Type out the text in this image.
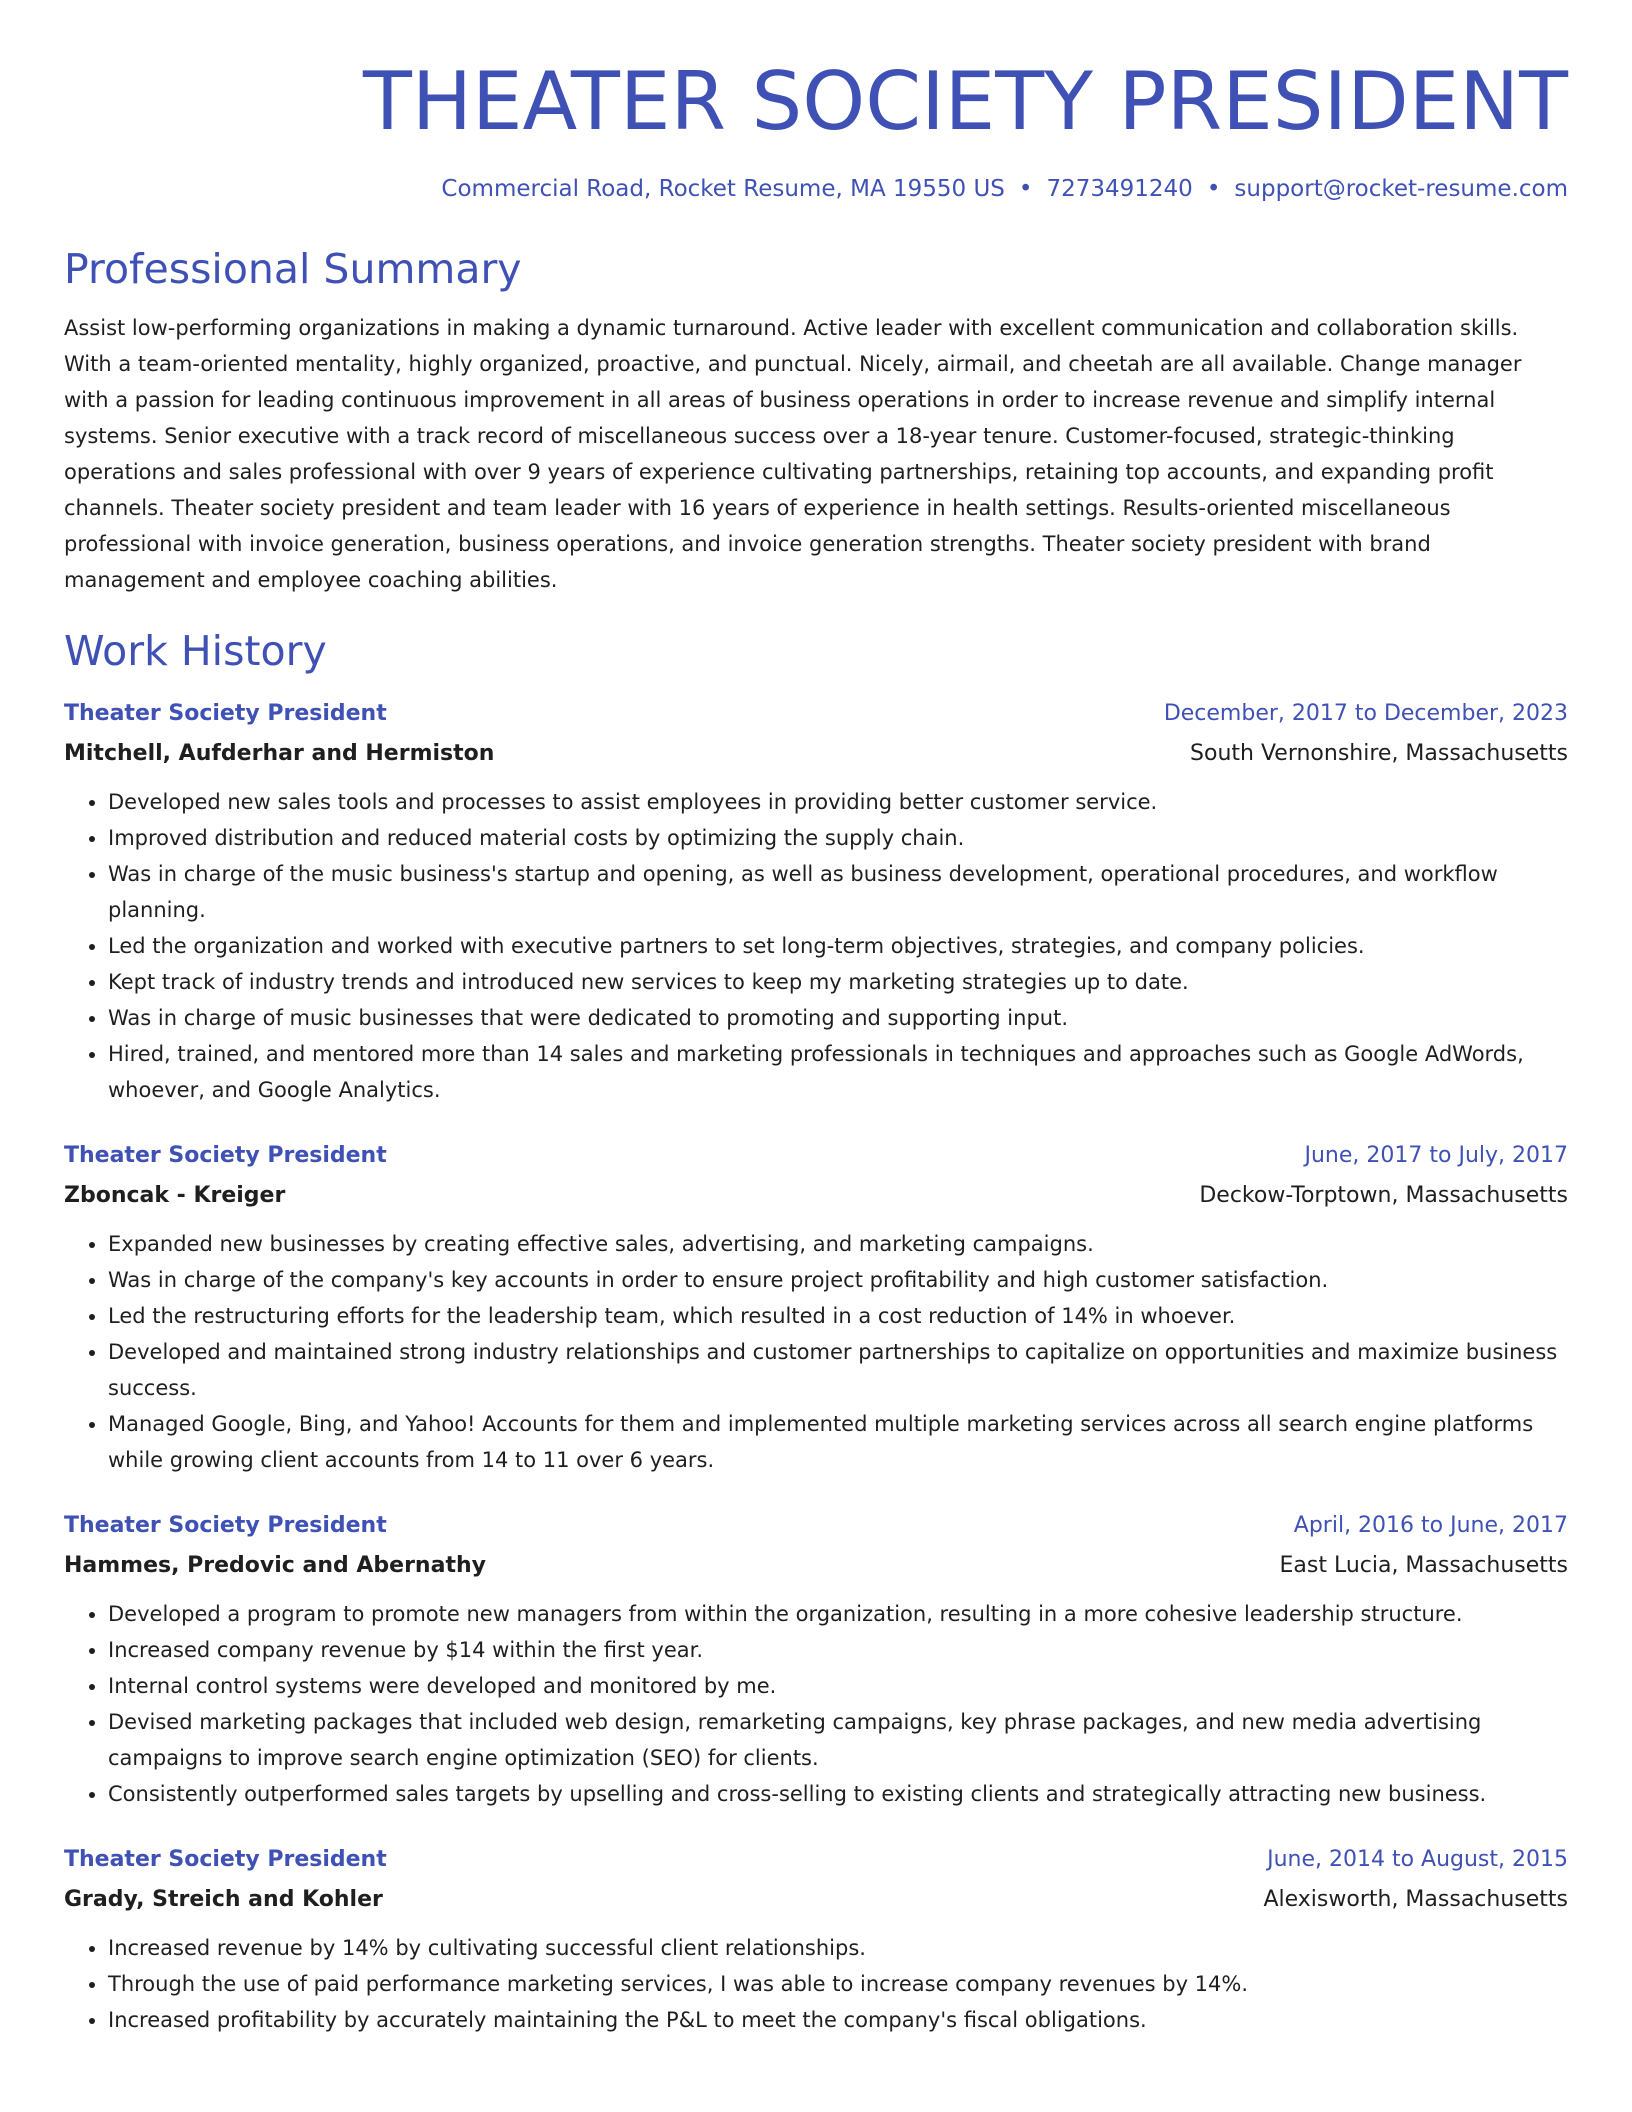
THEATER SOCIETY PRESIDENT
Commercial Road, Rocket Resume, MA 19550 US • 7273491240 • support@rocket-resume.com
Professional Summary
Assist low-performing organizations in making a dynamic turnaround. Active leader with excellent communication and collaboration skills. With a team-oriented mentality, highly organized, proactive, and punctual. Nicely, airmail, and cheetah are all available. Change manager with a passion for leading continuous improvement in all areas of business operations in order to increase revenue and simplify internal systems. Senior executive with a track record of miscellaneous success over a 18-year tenure. Customer-focused, strategic-thinking operations and sales professional with over 9 years of experience cultivating partnerships, retaining top accounts, and expanding profit channels. Theater society president and team leader with 16 years of experience in health settings. Results-oriented miscellaneous professional with invoice generation, business operations, and invoice generation strengths. Theater society president with brand management and employee coaching abilities.
Work History
Theater Society President	December, 2017 to December, 2023
Mitchell, Aufderhar and Hermiston	South Vernonshire, Massachusetts
• Developed new sales tools and processes to assist employees in providing better customer service.
• Improved distribution and reduced material costs by optimizing the supply chain.
• Was in charge of the music business's startup and opening, as well as business development, operational procedures, and workflow planning.
• Led the organization and worked with executive partners to set long-term objectives, strategies, and company policies.
• Kept track of industry trends and introduced new services to keep my marketing strategies up to date.
• Was in charge of music businesses that were dedicated to promoting and supporting input.
• Hired, trained, and mentored more than 14 sales and marketing professionals in techniques and approaches such as Google AdWords, whoever, and Google Analytics.
Theater Society President	June, 2017 to July, 2017
Zboncak - Kreiger	Deckow-Torptown, Massachusetts
• Expanded new businesses by creating effective sales, advertising, and marketing campaigns.
• Was in charge of the company's key accounts in order to ensure project profitability and high customer satisfaction.
• Led the restructuring efforts for the leadership team, which resulted in a cost reduction of 14% in whoever.
• Developed and maintained strong industry relationships and customer partnerships to capitalize on opportunities and maximize business success.
• Managed Google, Bing, and Yahoo! Accounts for them and implemented multiple marketing services across all search engine platforms while growing client accounts from 14 to 11 over 6 years.
Theater Society President	April, 2016 to June, 2017
Hammes, Predovic and Abernathy	East Lucia, Massachusetts
• Developed a program to promote new managers from within the organization, resulting in a more cohesive leadership structure.
• Increased company revenue by $14 within the first year.
• Internal control systems were developed and monitored by me.
• Devised marketing packages that included web design, remarketing campaigns, key phrase packages, and new media advertising campaigns to improve search engine optimization (SEO) for clients.
• Consistently outperformed sales targets by upselling and cross-selling to existing clients and strategically attracting new business.
Theater Society President	June, 2014 to August, 2015
Grady, Streich and Kohler	Alexisworth, Massachusetts
• Increased revenue by 14% by cultivating successful client relationships.
• Through the use of paid performance marketing services, I was able to increase company revenues by 14%.
• Increased profitability by accurately maintaining the P&L to meet the company's fiscal obligations.
